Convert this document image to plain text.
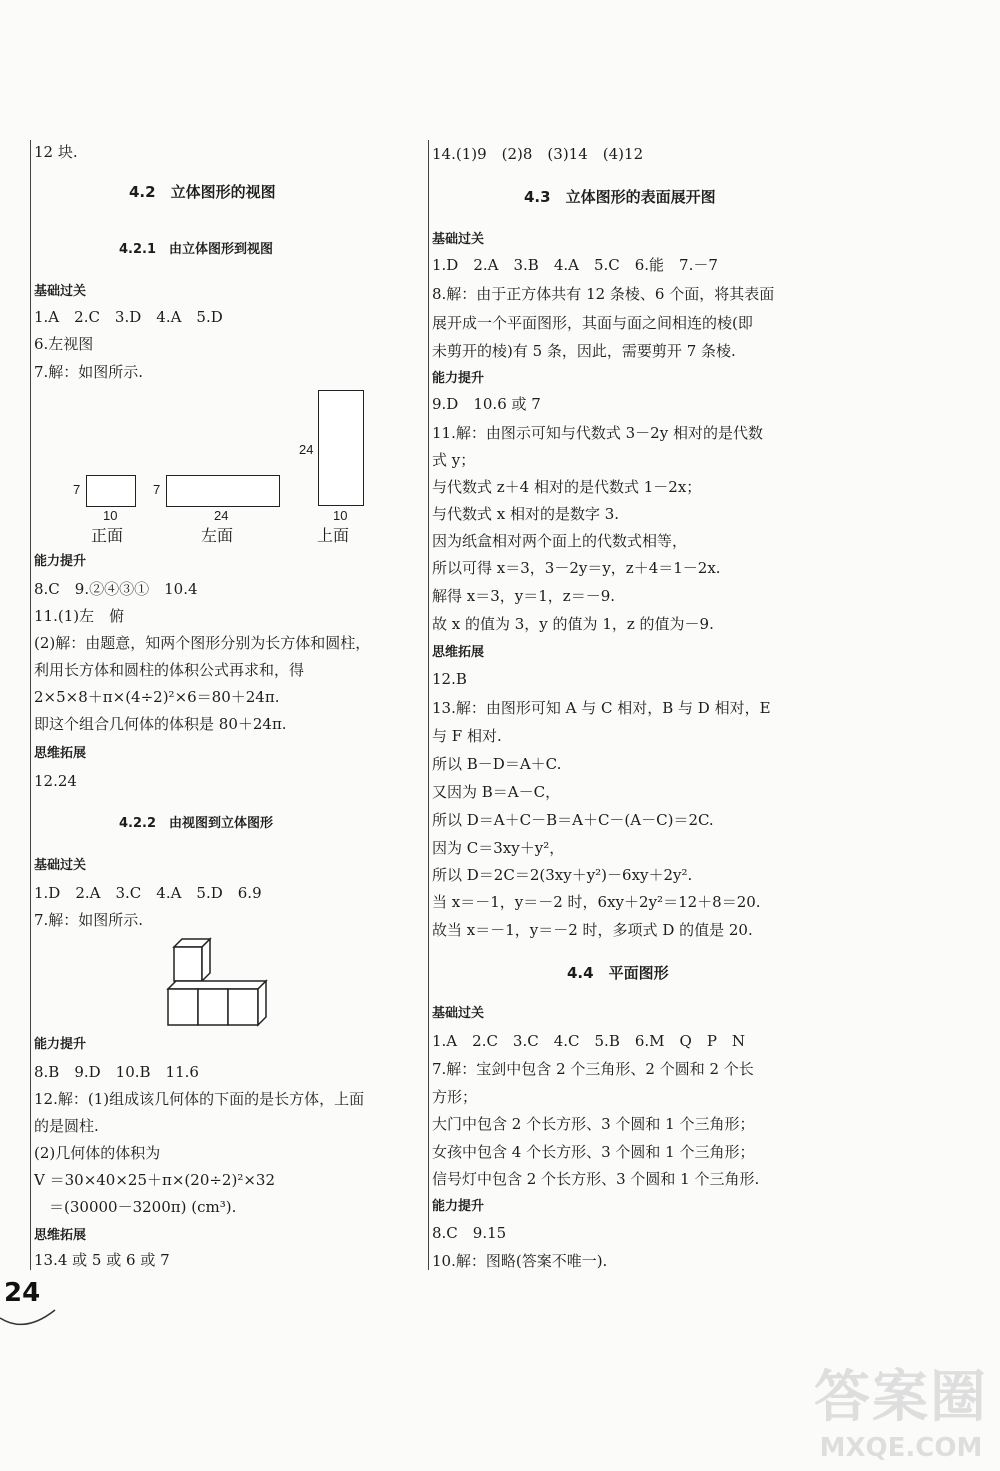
12 块.
4.2　立体图形的视图
4.2.1　由立体图形到视图
基础过关
1.A　2.C　3.D　4.A　5.D
6.左视图
7.解：如图所示.
7
10
正面
7
24
左面
24
10
上面
能力提升
8.C　9.②④③①　10.4
11.(1)左　俯
(2)解：由题意，知两个图形分别为长方体和圆柱，
利用长方体和圆柱的体积公式再求和，得
2×5×8＋π×(4÷2)²×6＝80＋24π.
即这个组合几何体的体积是 80＋24π.
思维拓展
12.24
4.2.2　由视图到立体图形
基础过关
1.D　2.A　3.C　4.A　5.D　6.9
7.解：如图所示.
能力提升
8.B　9.D　10.B　11.6
12.解：(1)组成该几何体的下面的是长方体，上面
的是圆柱.
(2)几何体的体积为
V ＝30×40×25＋π×(20÷2)²×32
　＝(30000－3200π) (cm³).
思维拓展
13.4 或 5 或 6 或 7
14.(1)9　(2)8　(3)14　(4)12
4.3　立体图形的表面展开图
基础过关
1.D　2.A　3.B　4.A　5.C　6.能　7.－7
8.解：由于正方体共有 12 条棱、6 个面，将其表面
展开成一个平面图形，其面与面之间相连的棱(即
未剪开的棱)有 5 条，因此，需要剪开 7 条棱.
能力提升
9.D　10.6 或 7
11.解：由图示可知与代数式 3－2y 相对的是代数
式 y；
与代数式 z＋4 相对的是代数式 1－2x；
与代数式 x 相对的是数字 3.
因为纸盒相对两个面上的代数式相等，
所以可得 x＝3，3－2y＝y，z＋4＝1－2x.
解得 x＝3，y＝1，z＝－9.
故 x 的值为 3，y 的值为 1，z 的值为－9.
思维拓展
12.B
13.解：由图形可知 A 与 C 相对，B 与 D 相对，E
与 F 相对.
所以 B－D＝A＋C.
又因为 B＝A－C，
所以 D＝A＋C－B＝A＋C－(A－C)＝2C.
因为 C＝3xy＋y²，
所以 D＝2C＝2(3xy＋y²)－6xy＋2y².
当 x＝－1，y＝－2 时，6xy＋2y²＝12＋8＝20.
故当 x＝－1，y＝－2 时，多项式 D 的值是 20.
4.4　平面图形
基础过关
1.A　2.C　3.C　4.C　5.B　6.M　Q　P　N
7.解：宝剑中包含 2 个三角形、2 个圆和 2 个长
方形；
大门中包含 2 个长方形、3 个圆和 1 个三角形；
女孩中包含 4 个长方形、3 个圆和 1 个三角形；
信号灯中包含 2 个长方形、3 个圆和 1 个三角形.
能力提升
8.C　9.15
10.解：图略(答案不唯一).
24
答案圈
MXQE.COM
